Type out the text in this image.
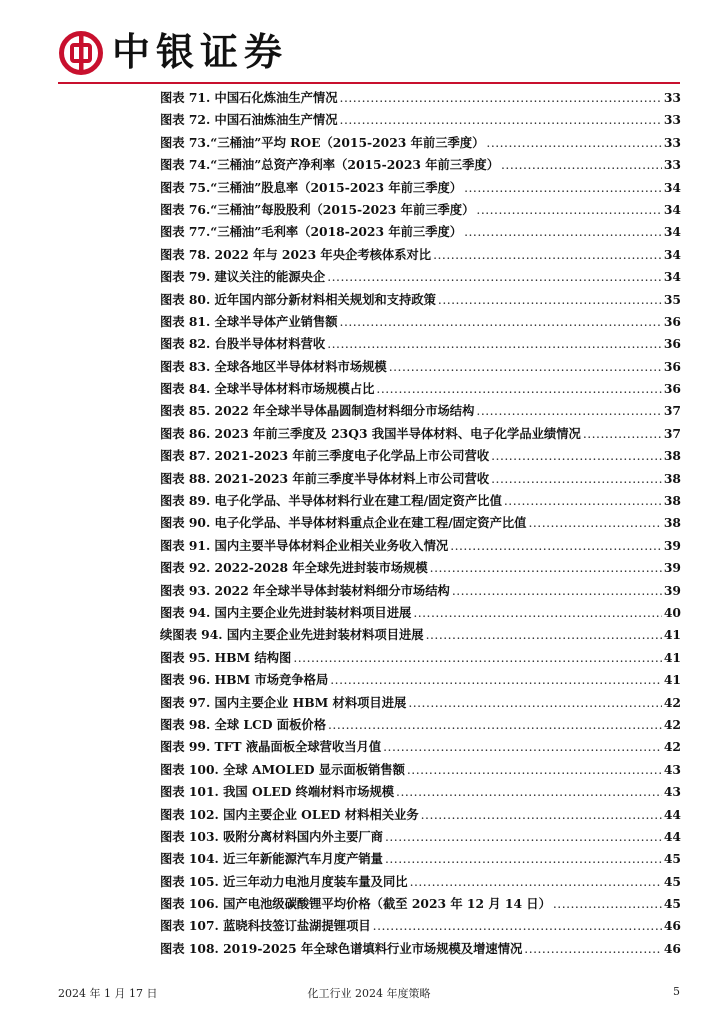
中银证券
图表 71. 中国石化炼油生产情况 .....	33
图表 72. 中国石油炼油生产情况 .....	33
图表 73.“三桶油”平均 ROE（2015-2023 年前三季度） .....	33
图表 74.“三桶油”总资产净利率（2015-2023 年前三季度） .....	33
图表 75.“三桶油”股息率（2015-2023 年前三季度） .....	34
图表 76.“三桶油”每股股利（2015-2023 年前三季度） .....	34
图表 77.“三桶油”毛利率（2018-2023 年前三季度） .....	34
图表 78. 2022 年与 2023 年央企考核体系对比 .....	34
图表 79. 建议关注的能源央企 .....	34
图表 80. 近年国内部分新材料相关规划和支持政策 .....	35
图表 81. 全球半导体产业销售额 .....	36
图表 82. 台股半导体材料营收 .....	36
图表 83. 全球各地区半导体材料市场规模 .....	36
图表 84. 全球半导体材料市场规模占比 .....	36
图表 85. 2022 年全球半导体晶圆制造材料细分市场结构 .....	37
图表 86. 2023 年前三季度及 23Q3 我国半导体材料、电子化学品业绩情况 .....	37
图表 87. 2021-2023 年前三季度电子化学品上市公司营收 .....	38
图表 88. 2021-2023 年前三季度半导体材料上市公司营收 .....	38
图表 89. 电子化学品、半导体材料行业在建工程/固定资产比值 .....	38
图表 90. 电子化学品、半导体材料重点企业在建工程/固定资产比值 .....	38
图表 91. 国内主要半导体材料企业相关业务收入情况 .....	39
图表 92. 2022-2028 年全球先进封装市场规模 .....	39
图表 93. 2022 年全球半导体封装材料细分市场结构 .....	39
图表 94. 国内主要企业先进封装材料项目进展 .....	40
续图表 94. 国内主要企业先进封装材料项目进展 .....	41
图表 95. HBM 结构图 .....	41
图表 96. HBM 市场竞争格局 .....	41
图表 97. 国内主要企业 HBM 材料项目进展 .....	42
图表 98. 全球 LCD 面板价格 .....	42
图表 99. TFT 液晶面板全球营收当月值 .....	42
图表 100. 全球 AMOLED 显示面板销售额 .....	43
图表 101. 我国 OLED 终端材料市场规模 .....	43
图表 102. 国内主要企业 OLED 材料相关业务 .....	44
图表 103. 吸附分离材料国内外主要厂商 .....	44
图表 104. 近三年新能源汽车月度产销量 .....	45
图表 105. 近三年动力电池月度装车量及同比 .....	45
图表 106. 国产电池级碳酸锂平均价格（截至 2023 年 12 月 14 日） .....	45
图表 107. 蓝晓科技签订盐湖提锂项目 .....	46
图表 108. 2019-2025 年全球色谱填料行业市场规模及增速情况 .....	46
2024 年 1 月 17 日	化工行业 2024 年度策略	5
